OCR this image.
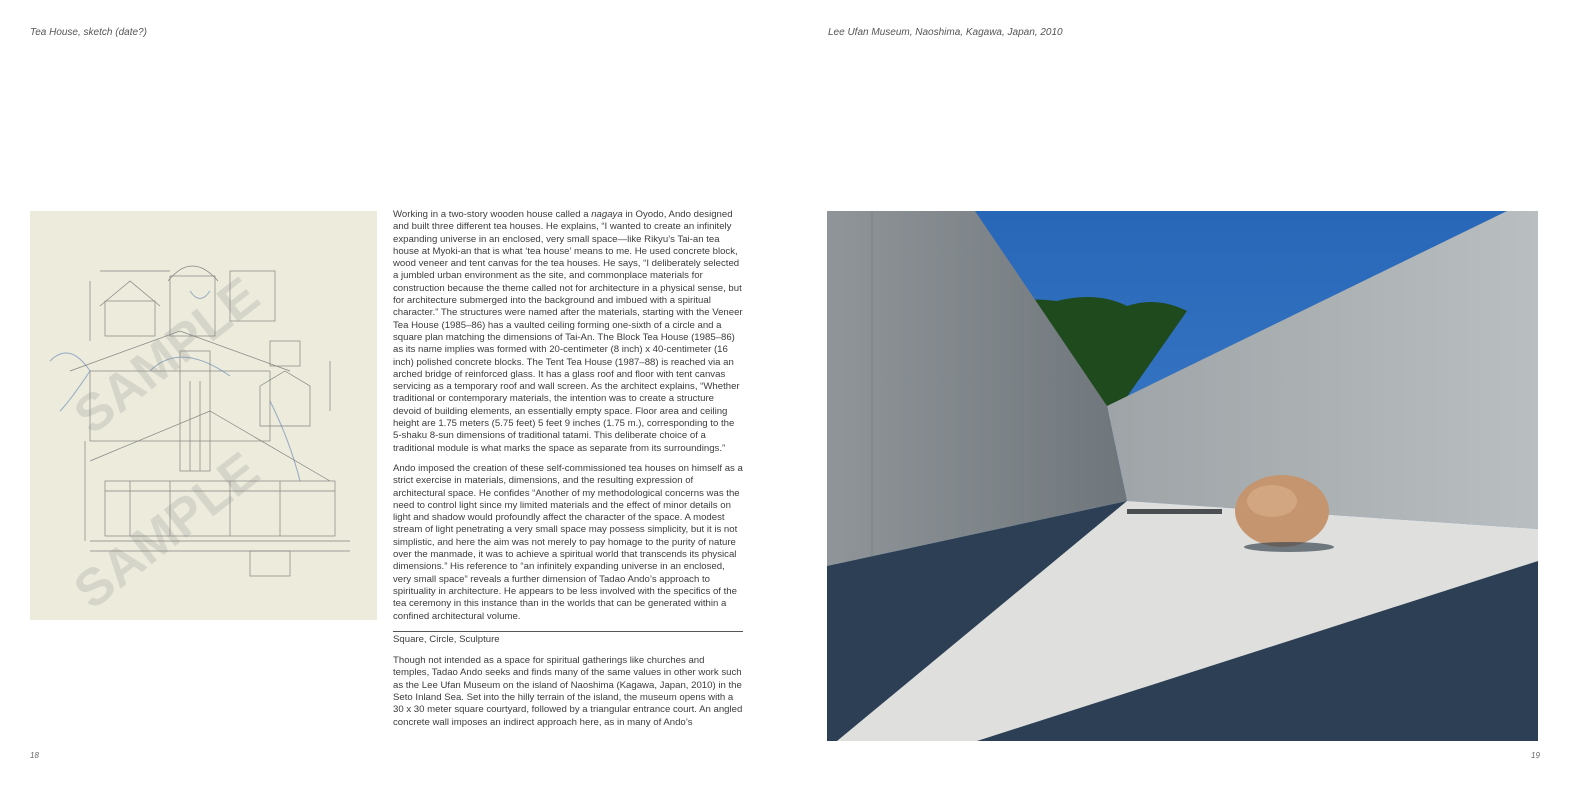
Tea House, sketch (date?)
SAMPLE
SAMPLE

Working in a two-story wooden house called a nagaya in Oyodo, Ando designed and built three different tea houses. He explains, “I wanted to create an infinitely expanding universe in an enclosed, very small space—like Rikyu’s Tai-an tea house at Myoki-an that is what ‘tea house’ means to me. He used concrete block, wood veneer and tent canvas for the tea houses. He says, “I deliberately selected a jumbled urban environment as the site, and commonplace materials for construction because the theme called not for architecture in a physical sense, but for architecture submerged into the background and imbued with a spiritual character.” The structures were named after the materials, starting with the Veneer Tea House (1985–86) has a vaulted ceiling forming one-sixth of a circle and a square plan matching the dimensions of Tai-An. The Block Tea House (1985–86) as its name implies was formed with 20-centimeter (8 inch) x 40-centimeter (16 inch) polished concrete blocks. The Tent Tea House (1987–88) is reached via an arched bridge of reinforced glass. It has a glass roof and floor with tent canvas servicing as a temporary roof and wall screen. As the architect explains, “Whether traditional or contemporary materials, the intention was to create a structure devoid of building elements, an essentially empty space. Floor area and ceiling height are 1.75 meters (5.75 feet) 5 feet 9 inches (1.75 m.), corresponding to the 5-shaku 8-sun dimensions of traditional tatami. This deliberate choice of a traditional module is what marks the space as separate from its surroundings.”

Ando imposed the creation of these self-commissioned tea houses on himself as a strict exercise in materials, dimensions, and the resulting expression of architectural space. He confides “Another of my methodological concerns was the need to control light since my limited materials and the effect of minor details on light and shadow would profoundly affect the character of the space. A modest stream of light penetrating a very small space may possess simplicity, but it is not simplistic, and here the aim was not merely to pay homage to the purity of nature over the manmade, it was to achieve a spiritual world that transcends its physical dimensions.” His reference to “an infinitely expanding universe in an enclosed, very small space” reveals a further dimension of Tadao Ando’s approach to spirituality in architecture. He appears to be less involved with the specifics of the tea ceremony in this instance than in the worlds that can be generated within a confined architectural volume.

Square, Circle, Sculpture

Though not intended as a space for spiritual gatherings like churches and temples, Tadao Ando seeks and finds many of the same values in other work such as the Lee Ufan Museum on the island of Naoshima (Kagawa, Japan, 2010) in the Seto Inland Sea. Set into the hilly terrain of the island, the museum opens with a 30 x 30 meter square courtyard, followed by a triangular entrance court. An angled concrete wall imposes an indirect approach here, as in many of Ando’s

18
Lee Ufan Museum, Naoshima, Kagawa, Japan, 2010
19
